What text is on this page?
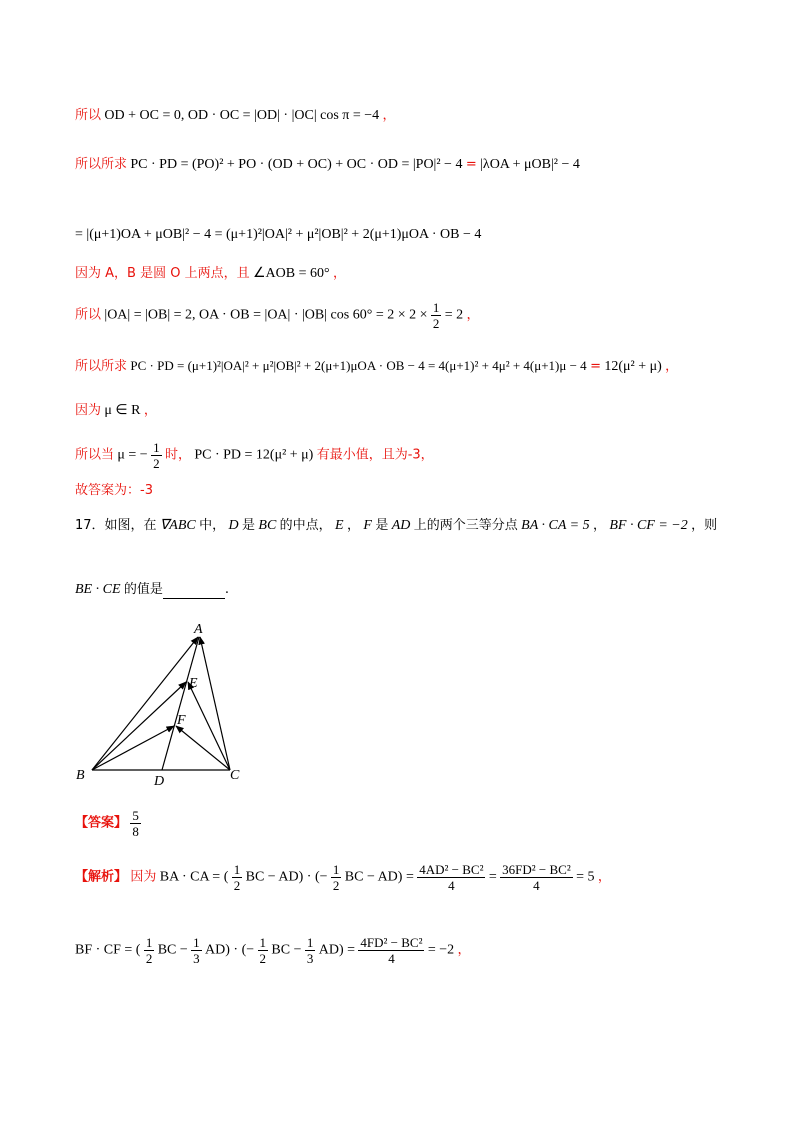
所以 OD + OC = 0, OD · OC = |OD| · |OC| cos π = −4 ，
所以所求 PC · PD = (PO)² + PO · (OD + OC) + OC · OD = |PO|² − 4 = |λOA + μOB|² − 4
= |(μ+1)OA + μOB|² − 4 = (μ+1)²|OA|² + μ²|OB|² + 2(μ+1)μOA · OB − 4
因为 A，B 是圆 O 上两点，且 ∠AOB = 60° ，
所以 |OA| = |OB| = 2, OA · OB = |OA| · |OB| $\cos 60^\circ = 2 \times 2 \times \frac{1}{2} = 2$ ，
所以所求 PC · PD = (μ+1)²|OA|² + μ²|OB|² + 2(μ+1)μOA · OB − 4 = 4(μ+1)² + 4μ² + 4(μ+1)μ − 4 = 12(μ² + μ) ，
因为 μ ∈ R ，
所以当 μ = − $\frac{1}{2}$ 时， PC · PD = 12(μ² + μ) 有最小值，且为-3，
故答案为：-3
17．如图，在 ∇ABC 中， D 是 BC 的中点， E ， F 是 AD 上的两个三等分点 BA · CA = 5 ， BF · CF = −2 ，则
BE · CE 的值是	.
A
B	C
D
E
F
【答案】 $\frac{5}{8}$
【解析】 因为 BA · CA = ( $\frac{1}{2}$ BC − AD) · (− $\frac{1}{2}$ BC − $AD) = \frac{\text{4AD² − BC²}}{4} = \frac{\text{36FD² − BC²}}{4} = 5$ ，
BF · CF = ( $\frac{1}{2}$ BC − $\frac{1}{3} AD$) · (− $\frac{1}{2}$ BC − $\frac{1}{3} AD) = \frac{\text{4FD² − BC²}}{4} = -2$ ，
